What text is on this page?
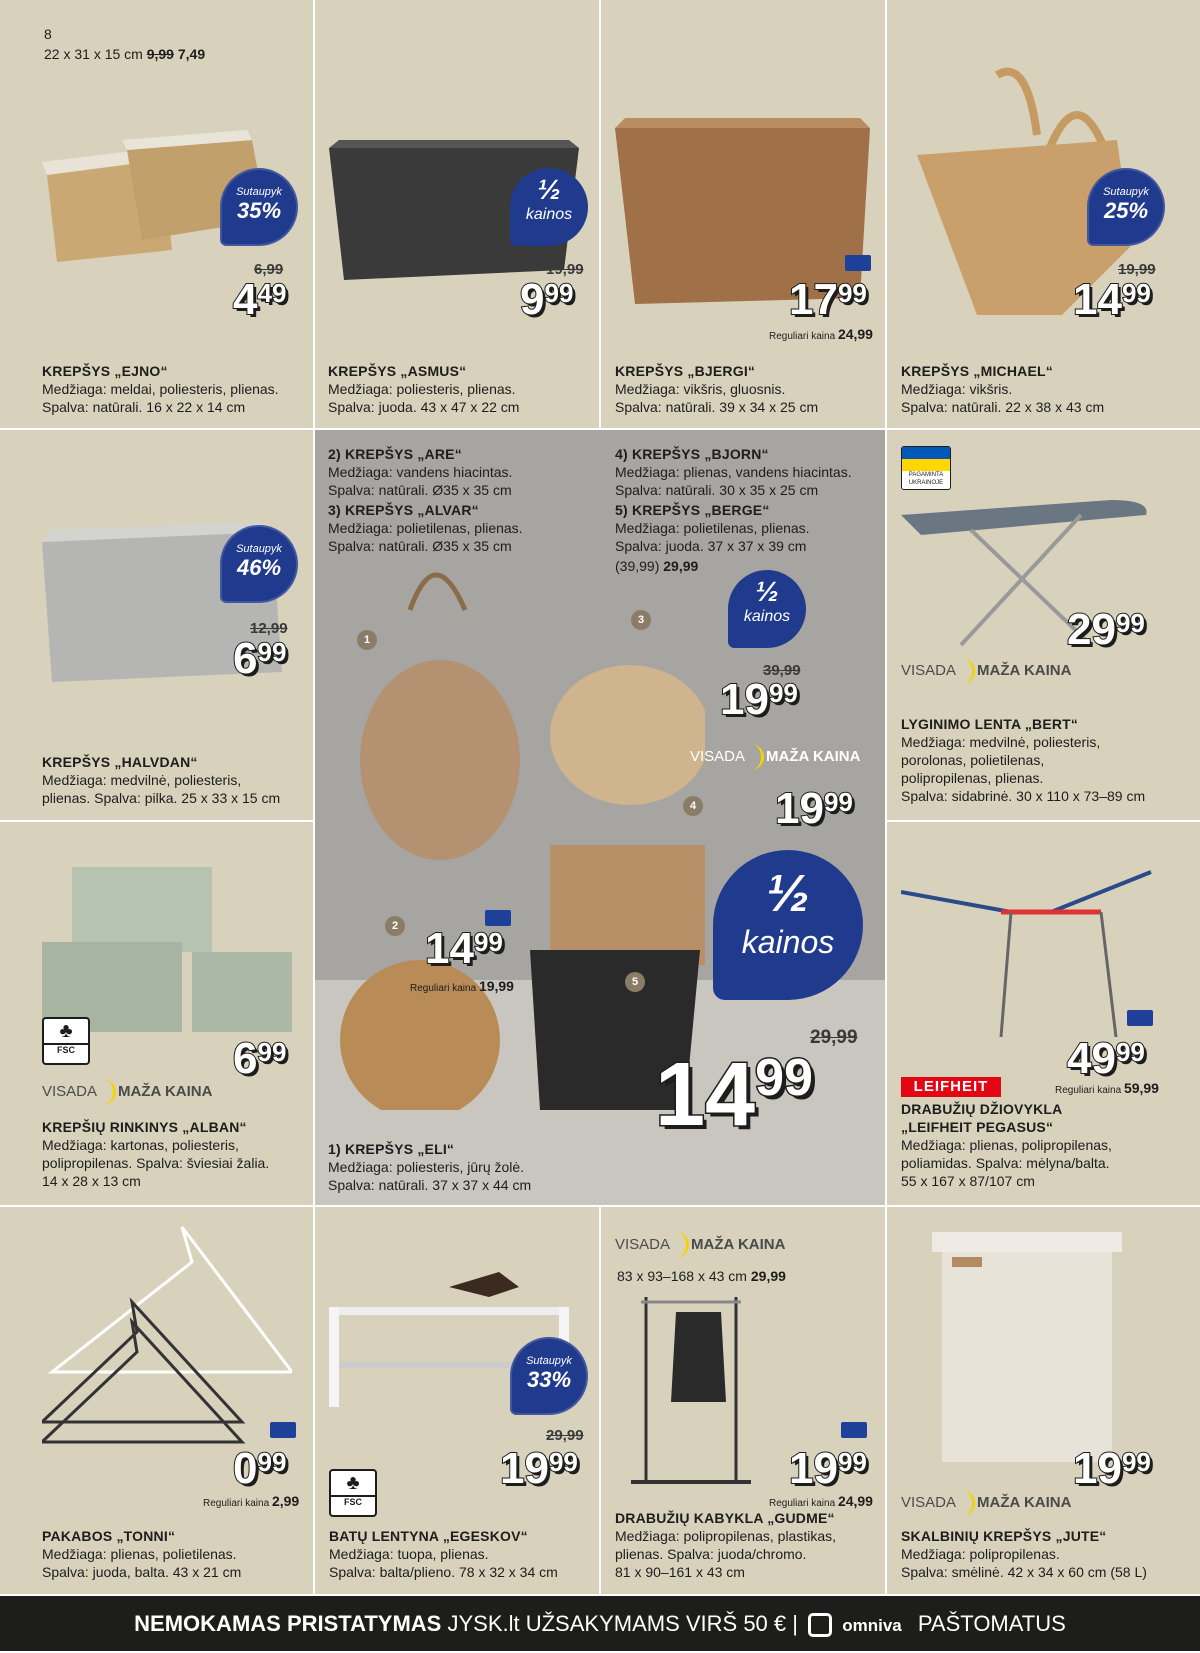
8
22 x 31 x 15 cm 9,99 7,49
Sutaupyk
35%
6,99
449
KREPŠYS „EJNO“
Medžiaga: meldai, poliesteris, plienas.
Spalva: natūrali. 16 x 22 x 14 cm
½
kainos
19,99
999
KREPŠYS „ASMUS“
Medžiaga: poliesteris, plienas.
Spalva: juoda. 43 x 47 x 22 cm
1799
Reguliari kaina 24,99
KREPŠYS „BJERGI“
Medžiaga: vikšris, gluosnis.
Spalva: natūrali. 39 x 34 x 25 cm
Sutaupyk
25%
19,99
1499
KREPŠYS „MICHAEL“
Medžiaga: vikšris.
Spalva: natūrali. 22 x 38 x 43 cm
Sutaupyk
46%
12,99
699
KREPŠYS „HALVDAN“
Medžiaga: medvilnė, poliesteris,
plienas. Spalva: pilka. 25 x 33 x 15 cm
2) KREPŠYS „ARE“
Medžiaga: vandens hiacintas.
Spalva: natūrali. Ø35 x 35 cm
3) KREPŠYS „ALVAR“
Medžiaga: polietilenas, plienas.
Spalva: natūrali. Ø35 x 35 cm
4) KREPŠYS „BJORN“
Medžiaga: plienas, vandens hiacintas.
Spalva: natūrali. 30 x 35 x 25 cm
5) KREPŠYS „BERGE“
Medžiaga: polietilenas, plienas.
Spalva: juoda. 37 x 37 x 39 cm
(39,99) 29,99
1
2
3
4
5
½
kainos
39,99
1999
VISADA MAŽA KAINA
1999
1499
Reguliari kaina 19,99
½
kainos
29,99
1499
1) KREPŠYS „ELI“
Medžiaga: poliesteris, jūrų žolė.
Spalva: natūrali. 37 x 37 x 44 cm
PAGAMINTA UKRAINOJE
2999
VISADA MAŽA KAINA
LYGINIMO LENTA „BERT“
Medžiaga: medvilnė, poliesteris,
porolonas, polietilenas,
polipropilenas, plienas.
Spalva: sidabrinė. 30 x 110 x 73–89 cm
♣
FSC	699
VISADA MAŽA KAINA
KREPŠIŲ RINKINYS „ALBAN“
Medžiaga: kartonas, poliesteris,
polipropilenas. Spalva: šviesiai žalia.
14 x 28 x 13 cm
4999
LEIFHEIT	Reguliari kaina 59,99
DRABUŽIŲ DŽIOVYKLA
„LEIFHEIT PEGASUS“
Medžiaga: plienas, polipropilenas,
poliamidas. Spalva: mėlyna/balta.
55 x 167 x 87/107 cm
099
Reguliari kaina 2,99
PAKABOS „TONNI“
Medžiaga: plienas, polietilenas.
Spalva: juoda, balta. 43 x 21 cm
Sutaupyk
33%
29,99
1999
♣
FSC
BATŲ LENTYNA „EGESKOV“
Medžiaga: tuopa, plienas.
Spalva: balta/plieno. 78 x 32 x 34 cm
VISADA MAŽA KAINA
83 x 93–168 x 43 cm 29,99
1999
Reguliari kaina 24,99
DRABUŽIŲ KABYKLA „GUDME“
Medžiaga: polipropilenas, plastikas,
plienas. Spalva: juoda/chromo.
81 x 90–161 x 43 cm
1999
VISADA MAŽA KAINA
SKALBINIŲ KREPŠYS „JUTE“
Medžiaga: polipropilenas.
Spalva: smėlinė. 42 x 34 x 60 cm (58 L)
NEMOKAMAS PRISTATYMAS JYSK.lt UŽSAKYMAMS VIRŠ 50 € |	omniva PAŠTOMATUS
